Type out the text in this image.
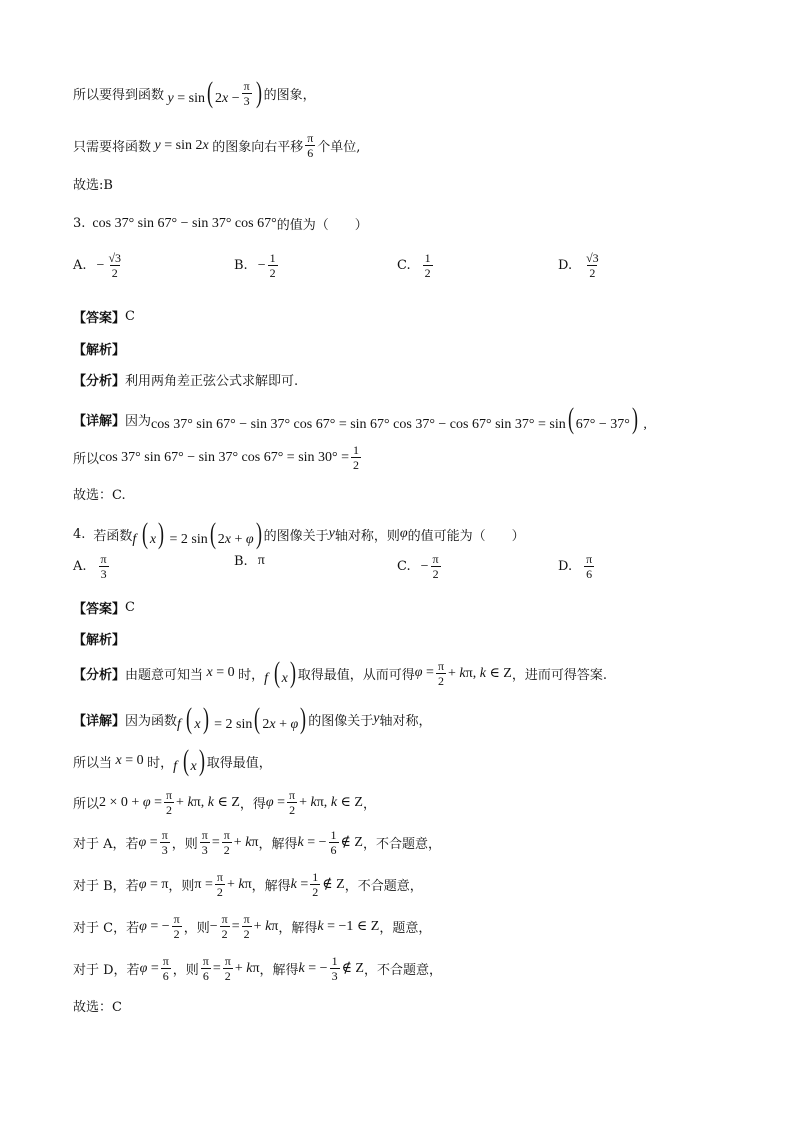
所以要得到函数 y = sin( $2x - \frac{\pi}{3}$ ) 的图象，
只需要将函数 y = sin 2x 的图象向右平移 $\frac{\pi}{6}$ 个单位,
故选:B
3. cos 37° sin 67° − sin 37° cos 67° 的值为（　　）
A. − $\frac{√3}{2}$	B. − $\frac{1}{2}$	C. $\frac{1}{2}$	D. $\frac{√3}{2}$
【答案】 C
【解析】
【分析】 利用两角差正弦公式求解即可.
【详解】 因为 cos 37° sin 67° − sin 37° cos 67° = sin 67° cos 37° − cos 67° sin 37° = sin( 67° − 37°) ,
所以 cos 37° sin 67° − sin 37° $\cos 67^\circ = \sin 30^\circ = \frac{1}{2}$
故选：C.
4. 若函数 f ( x) = 2 sin( 2x + φ) 的图像关于 y 轴对称，则 φ 的值可能为（　　）
A. $\frac{\pi}{3}$	B. π	C. − $\frac{\pi}{2}$	D. $\frac{\pi}{6}$
【答案】 C
【解析】
【分析】 由题意可知当 x = 0 时， f ( x) 取得最值，从而可得 $\varphi = \frac{\pi}{2} + k\pi$, k ∈ Z ，进而可得答案.
【详解】 因为函数 f ( x) = 2 sin( 2x + φ) 的图像关于 y 轴对称，
所以当 x = 0 时， f ( x) 取得最值，
所以 $2 \times 0 + \varphi = \frac{\pi}{2} + k\pi$, k ∈ Z ，得 $\varphi = \frac{\pi}{2} + k\pi$, k ∈ Z ，
对于 A，若 $\varphi = \frac{\pi}{3}$ ，则 $\frac{\pi}{3} = \frac{\pi}{2} + k\pi$ ，解得 k = − $\frac{1}{6}$ ∉ Z ，不合题意，
对于 B，若 φ = π ，则 $\pi = \frac{\pi}{2} + k\pi$ ，解得 $k = \frac{1}{2}$ ∉ Z ，不合题意，
对于 C，若 φ = − $\frac{\pi}{2}$ ，则 − $\frac{\pi}{2} = \frac{\pi}{2} + k\pi$ ，解得 k = −1 ∈ Z ，题意，
对于 D，若 $\varphi = \frac{\pi}{6}$ ，则 $\frac{\pi}{6} = \frac{\pi}{2} + k\pi$ ，解得 k = − $\frac{1}{3}$ ∉ Z ，不合题意，
故选：C
